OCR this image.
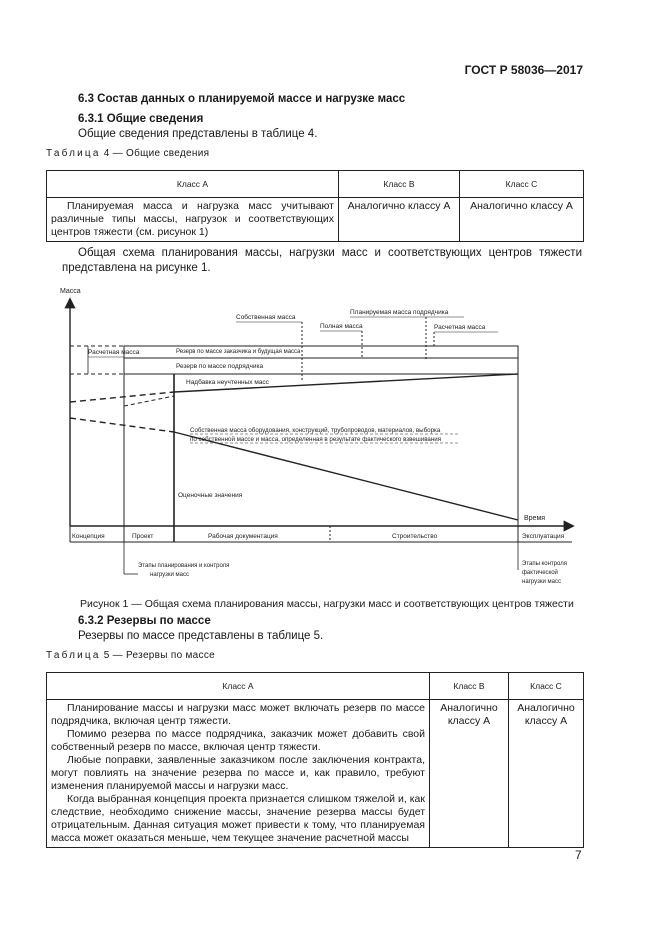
ГОСТ Р 58036—2017
6.3 Состав данных о планируемой массе и нагрузке масс
6.3.1 Общие сведения
Общие сведения представлены в таблице 4.
Таблица 4 — Общие сведения
Класс А	Класс В	Класс С
Планируемая масса и нагрузка масс учитывают различные типы массы, нагрузок и соответствующих центров тяжести (см. рисунок 1)	Аналогично классу А	Аналогично классу А
Общая схема планирования массы, нагрузки масс и соответствующих центров тяжести представлена на рисунке 1.
Масса
Время
Концепция	Проект	Рабочая документация	Строительство	Эксплуатация
Собственная масса
Планируемая масса подрядчика
Полная масса	Расчетная масса
Резерв по массе заказчика и будущая масса
Резерв по массе подрядчика
Надбавка неучтенных масс
Расчетная масса
Собственная масса оборудования, конструкций, трубопроводов, материалов, выборка
по собственной массе и масса, определенная в результате фактического взвешивания
Оценочные значения
Этапы планирования и контроля
нагрузки масс
Этапы контроля
фактической
нагрузки масс
Рисунок 1 — Общая схема планирования массы, нагрузки масс и соответствующих центров тяжести
6.3.2 Резервы по массе
Резервы по массе представлены в таблице 5.
Таблица 5 — Резервы по массе
Класс А	Класс В	Класс С

Планирование массы и нагрузки масс может включать резерв по массе подрядчика, включая центр тяжести.

Помимо резерва по массе подрядчика, заказчик может добавить свой собственный резерв по массе, включая центр тяжести.

Любые поправки, заявленные заказчиком после заключения контракта, могут повлиять на значение резерва по массе и, как правило, требуют изменения планируемой массы и нагрузки масс.

Когда выбранная концепция проекта признается слишком тяжелой и, как следствие, необходимо снижение массы, значение резерва массы будет отрицательным. Данная ситуация может привести к тому, что планируемая масса может оказаться меньше, чем текущее значение расчетной массы	Аналогично классу А	Аналогично классу А
7
